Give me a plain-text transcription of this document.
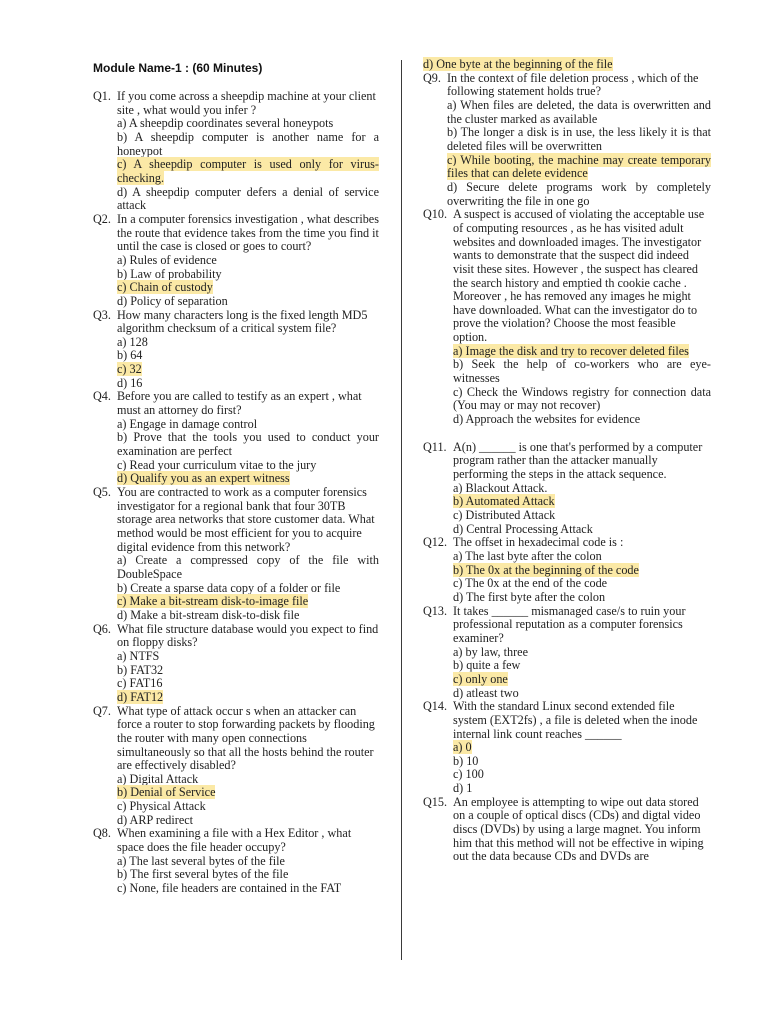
Module Name-1 : (60 Minutes)
Q1. If you come across a sheepdip machine at your client site , what would you infer ?
a) A sheepdip coordinates several honeypots
b) A sheepdip computer is another name for a honeypot
c) A sheepdip computer is used only for virus-checking.
d) A sheepdip computer defers a denial of service attack
Q2. In a computer forensics investigation , what describes the route that evidence takes from the time you find it until the case is closed or goes to court?
a) Rules of evidence
b) Law of probability
c) Chain of custody
d) Policy of separation
Q3. How many characters long is the fixed length MD5 algorithm checksum of a critical system file?
a) 128
b) 64
c) 32
d) 16
Q4. Before you are called to testify as an expert , what must an attorney do first?
a) Engage in damage control
b) Prove that the tools you used to conduct your examination are perfect
c) Read your curriculum vitae to the jury
d) Qualify you as an expert witness
Q5. You are contracted to work as a computer forensics investigator for a regional bank that four 30TB storage area networks that store customer data. What method would be most efficient for you to acquire digital evidence from this network?
a) Create a compressed copy of the file with DoubleSpace
b) Create a sparse data copy of a folder or file
c) Make a bit-stream disk-to-image file
d) Make a bit-stream disk-to-disk file
Q6. What file structure database would you expect to find on floppy disks?
a) NTFS
b) FAT32
c) FAT16
d) FAT12
Q7. What type of attack occur s when an attacker can force a router to stop forwarding packets by flooding the router with many open connections simultaneously so that all the hosts behind the router are effectively disabled?
a) Digital Attack
b) Denial of Service
c) Physical Attack
d) ARP redirect
Q8. When examining a file with a Hex Editor , what space does the file header occupy?
a) The last several bytes of the file
b) The first several bytes of the file
c) None, file headers are contained in the FAT
d) One byte at the beginning of the file
Q9. In the context of file deletion process , which of the following statement holds true?
a) When files are deleted, the data is overwritten and the cluster marked as available
b) The longer a disk is in use, the less likely it is that deleted files will be overwritten
c) While booting, the machine may create temporary files that can delete evidence
d) Secure delete programs work by completely overwriting the file in one go
Q10. A suspect is accused of violating the acceptable use of computing resources , as he has visited adult websites and downloaded images. The investigator wants to demonstrate that the suspect did indeed visit these sites. However , the suspect has cleared the search history and emptied th cookie cache . Moreover , he has removed any images he might have downloaded. What can the investigator do to prove the violation? Choose the most feasible option.
a) Image the disk and try to recover deleted files
b) Seek the help of co-workers who are eye-witnesses
c) Check the Windows registry for connection data (You may or may not recover)
d) Approach the websites for evidence
Q11. A(n) ______ is one that's performed by a computer program rather than the attacker manually performing the steps in the attack sequence.
a) Blackout Attack.
b) Automated Attack
c) Distributed Attack
d) Central Processing Attack
Q12. The offset in hexadecimal code is :
a) The last byte after the colon
b) The 0x at the beginning of the code
c) The 0x at the end of the code
d) The first byte after the colon
Q13. It takes ______ mismanaged case/s to ruin your professional reputation as a computer forensics examiner?
a) by law, three
b) quite a few
c) only one
d) atleast two
Q14. With the standard Linux second extended file system (EXT2fs) , a file is deleted when the inode internal link count reaches ______
a) 0
b) 10
c) 100
d) 1
Q15. An employee is attempting to wipe out data stored on a couple of optical discs (CDs) and digtal video discs (DVDs) by using a large magnet. You inform him that this method will not be effective in wiping out the data because CDs and DVDs are
